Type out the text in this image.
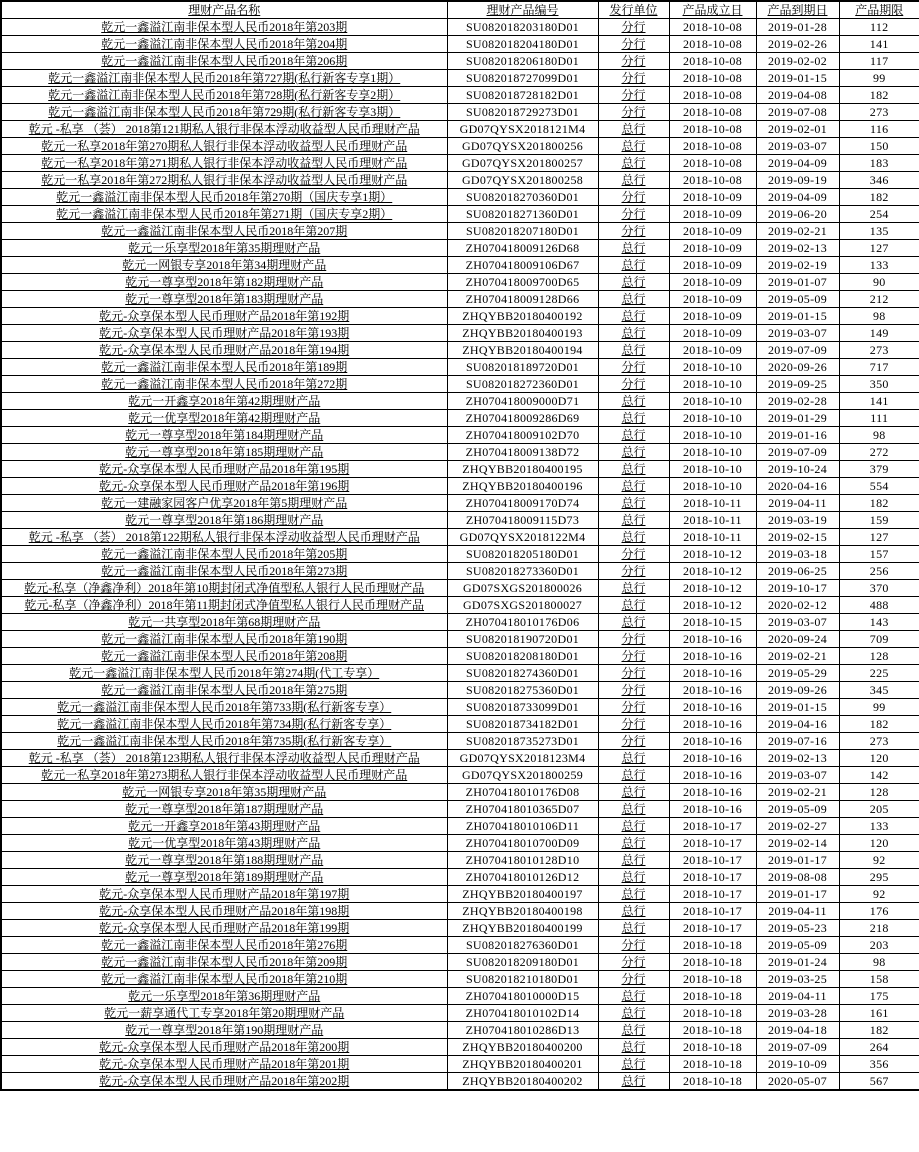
理财产品名称	理财产品编号	发行单位	产品成立日	产品到期日	产品期限
乾元一鑫溢江南非保本型人民币2018年第203期	SU082018203180D01	分行	2018-10-08	2019-01-28	112
乾元一鑫溢江南非保本型人民币2018年第204期	SU082018204180D01	分行	2018-10-08	2019-02-26	141
乾元一鑫溢江南非保本型人民币2018年第206期	SU082018206180D01	分行	2018-10-08	2019-02-02	117
乾元一鑫溢江南非保本型人民币2018年第727期(私行新客专享1期）	SU082018727099D01	分行	2018-10-08	2019-01-15	99
乾元一鑫溢江南非保本型人民币2018年第728期(私行新客专享2期）	SU082018728182D01	分行	2018-10-08	2019-04-08	182
乾元一鑫溢江南非保本型人民币2018年第729期(私行新客专享3期）	SU082018729273D01	分行	2018-10-08	2019-07-08	273
乾元 -私享 （荟） 2018第121期私人银行非保本浮动收益型人民币理财产品	GD07QYSX2018121M4	总行	2018-10-08	2019-02-01	116
乾元一私享2018年第270期私人银行非保本浮动收益型人民币理财产品	GD07QYSX201800256	总行	2018-10-08	2019-03-07	150
乾元一私享2018年第271期私人银行非保本浮动收益型人民币理财产品	GD07QYSX201800257	总行	2018-10-08	2019-04-09	183
乾元一私享2018年第272期私人银行非保本浮动收益型人民币理财产品	GD07QYSX201800258	总行	2018-10-08	2019-09-19	346
乾元一鑫溢江南非保本型人民币2018年第270期（国庆专享1期）	SU082018270360D01	分行	2018-10-09	2019-04-09	182
乾元一鑫溢江南非保本型人民币2018年第271期（国庆专享2期）	SU082018271360D01	分行	2018-10-09	2019-06-20	254
乾元一鑫溢江南非保本型人民币2018年第207期	SU082018207180D01	分行	2018-10-09	2019-02-21	135
乾元一乐享型2018年第35期理财产品	ZH070418009126D68	总行	2018-10-09	2019-02-13	127
乾元一网银专享2018年第34期理财产品	ZH070418009106D67	总行	2018-10-09	2019-02-19	133
乾元一尊享型2018年第182期理财产品	ZH070418009700D65	总行	2018-10-09	2019-01-07	90
乾元一尊享型2018年第183期理财产品	ZH070418009128D66	总行	2018-10-09	2019-05-09	212
乾元-众享保本型人民币理财产品2018年第192期	ZHQYBB20180400192	总行	2018-10-09	2019-01-15	98
乾元-众享保本型人民币理财产品2018年第193期	ZHQYBB20180400193	总行	2018-10-09	2019-03-07	149
乾元-众享保本型人民币理财产品2018年第194期	ZHQYBB20180400194	总行	2018-10-09	2019-07-09	273
乾元一鑫溢江南非保本型人民币2018年第189期	SU082018189720D01	分行	2018-10-10	2020-09-26	717
乾元一鑫溢江南非保本型人民币2018年第272期	SU082018272360D01	分行	2018-10-10	2019-09-25	350
乾元一开鑫享2018年第42期理财产品	ZH070418009000D71	总行	2018-10-10	2019-02-28	141
乾元一优享型2018年第42期理财产品	ZH070418009286D69	总行	2018-10-10	2019-01-29	111
乾元一尊享型2018年第184期理财产品	ZH070418009102D70	总行	2018-10-10	2019-01-16	98
乾元一尊享型2018年第185期理财产品	ZH070418009138D72	总行	2018-10-10	2019-07-09	272
乾元-众享保本型人民币理财产品2018年第195期	ZHQYBB20180400195	总行	2018-10-10	2019-10-24	379
乾元-众享保本型人民币理财产品2018年第196期	ZHQYBB20180400196	总行	2018-10-10	2020-04-16	554
乾元一建融家园客户优享2018年第5期理财产品	ZH070418009170D74	总行	2018-10-11	2019-04-11	182
乾元一尊享型2018年第186期理财产品	ZH070418009115D73	总行	2018-10-11	2019-03-19	159
乾元 -私享 （荟） 2018第122期私人银行非保本浮动收益型人民币理财产品	GD07QYSX2018122M4	总行	2018-10-11	2019-02-15	127
乾元一鑫溢江南非保本型人民币2018年第205期	SU082018205180D01	分行	2018-10-12	2019-03-18	157
乾元一鑫溢江南非保本型人民币2018年第273期	SU082018273360D01	分行	2018-10-12	2019-06-25	256
乾元-私享（净鑫净利）2018年第10期封闭式净值型私人银行人民币理财产品	GD07SXGS201800026	总行	2018-10-12	2019-10-17	370
乾元-私享（净鑫净利）2018年第11期封闭式净值型私人银行人民币理财产品	GD07SXGS201800027	总行	2018-10-12	2020-02-12	488
乾元一共享型2018年第68期理财产品	ZH070418010176D06	总行	2018-10-15	2019-03-07	143
乾元一鑫溢江南非保本型人民币2018年第190期	SU082018190720D01	分行	2018-10-16	2020-09-24	709
乾元一鑫溢江南非保本型人民币2018年第208期	SU082018208180D01	分行	2018-10-16	2019-02-21	128
乾元一鑫溢江南非保本型人民币2018年第274期(代工专享）	SU082018274360D01	分行	2018-10-16	2019-05-29	225
乾元一鑫溢江南非保本型人民币2018年第275期	SU082018275360D01	分行	2018-10-16	2019-09-26	345
乾元一鑫溢江南非保本型人民币2018年第733期(私行新客专享）	SU082018733099D01	分行	2018-10-16	2019-01-15	99
乾元一鑫溢江南非保本型人民币2018年第734期(私行新客专享）	SU082018734182D01	分行	2018-10-16	2019-04-16	182
乾元一鑫溢江南非保本型人民币2018年第735期(私行新客专享）	SU082018735273D01	分行	2018-10-16	2019-07-16	273
乾元 -私享 （荟） 2018第123期私人银行非保本浮动收益型人民币理财产品	GD07QYSX2018123M4	总行	2018-10-16	2019-02-13	120
乾元一私享2018年第273期私人银行非保本浮动收益型人民币理财产品	GD07QYSX201800259	总行	2018-10-16	2019-03-07	142
乾元一网银专享2018年第35期理财产品	ZH070418010176D08	总行	2018-10-16	2019-02-21	128
乾元一尊享型2018年第187期理财产品	ZH070418010365D07	总行	2018-10-16	2019-05-09	205
乾元一开鑫享2018年第43期理财产品	ZH070418010106D11	总行	2018-10-17	2019-02-27	133
乾元一优享型2018年第43期理财产品	ZH070418010700D09	总行	2018-10-17	2019-02-14	120
乾元一尊享型2018年第188期理财产品	ZH070418010128D10	总行	2018-10-17	2019-01-17	92
乾元一尊享型2018年第189期理财产品	ZH070418010126D12	总行	2018-10-17	2019-08-08	295
乾元-众享保本型人民币理财产品2018年第197期	ZHQYBB20180400197	总行	2018-10-17	2019-01-17	92
乾元-众享保本型人民币理财产品2018年第198期	ZHQYBB20180400198	总行	2018-10-17	2019-04-11	176
乾元-众享保本型人民币理财产品2018年第199期	ZHQYBB20180400199	总行	2018-10-17	2019-05-23	218
乾元一鑫溢江南非保本型人民币2018年第276期	SU082018276360D01	分行	2018-10-18	2019-05-09	203
乾元一鑫溢江南非保本型人民币2018年第209期	SU082018209180D01	分行	2018-10-18	2019-01-24	98
乾元一鑫溢江南非保本型人民币2018年第210期	SU082018210180D01	分行	2018-10-18	2019-03-25	158
乾元一乐享型2018年第36期理财产品	ZH070418010000D15	总行	2018-10-18	2019-04-11	175
乾元一薪享通代工专享2018年第20期理财产品	ZH070418010102D14	总行	2018-10-18	2019-03-28	161
乾元一尊享型2018年第190期理财产品	ZH070418010286D13	总行	2018-10-18	2019-04-18	182
乾元-众享保本型人民币理财产品2018年第200期	ZHQYBB20180400200	总行	2018-10-18	2019-07-09	264
乾元-众享保本型人民币理财产品2018年第201期	ZHQYBB20180400201	总行	2018-10-18	2019-10-09	356
乾元-众享保本型人民币理财产品2018年第202期	ZHQYBB20180400202	总行	2018-10-18	2020-05-07	567
